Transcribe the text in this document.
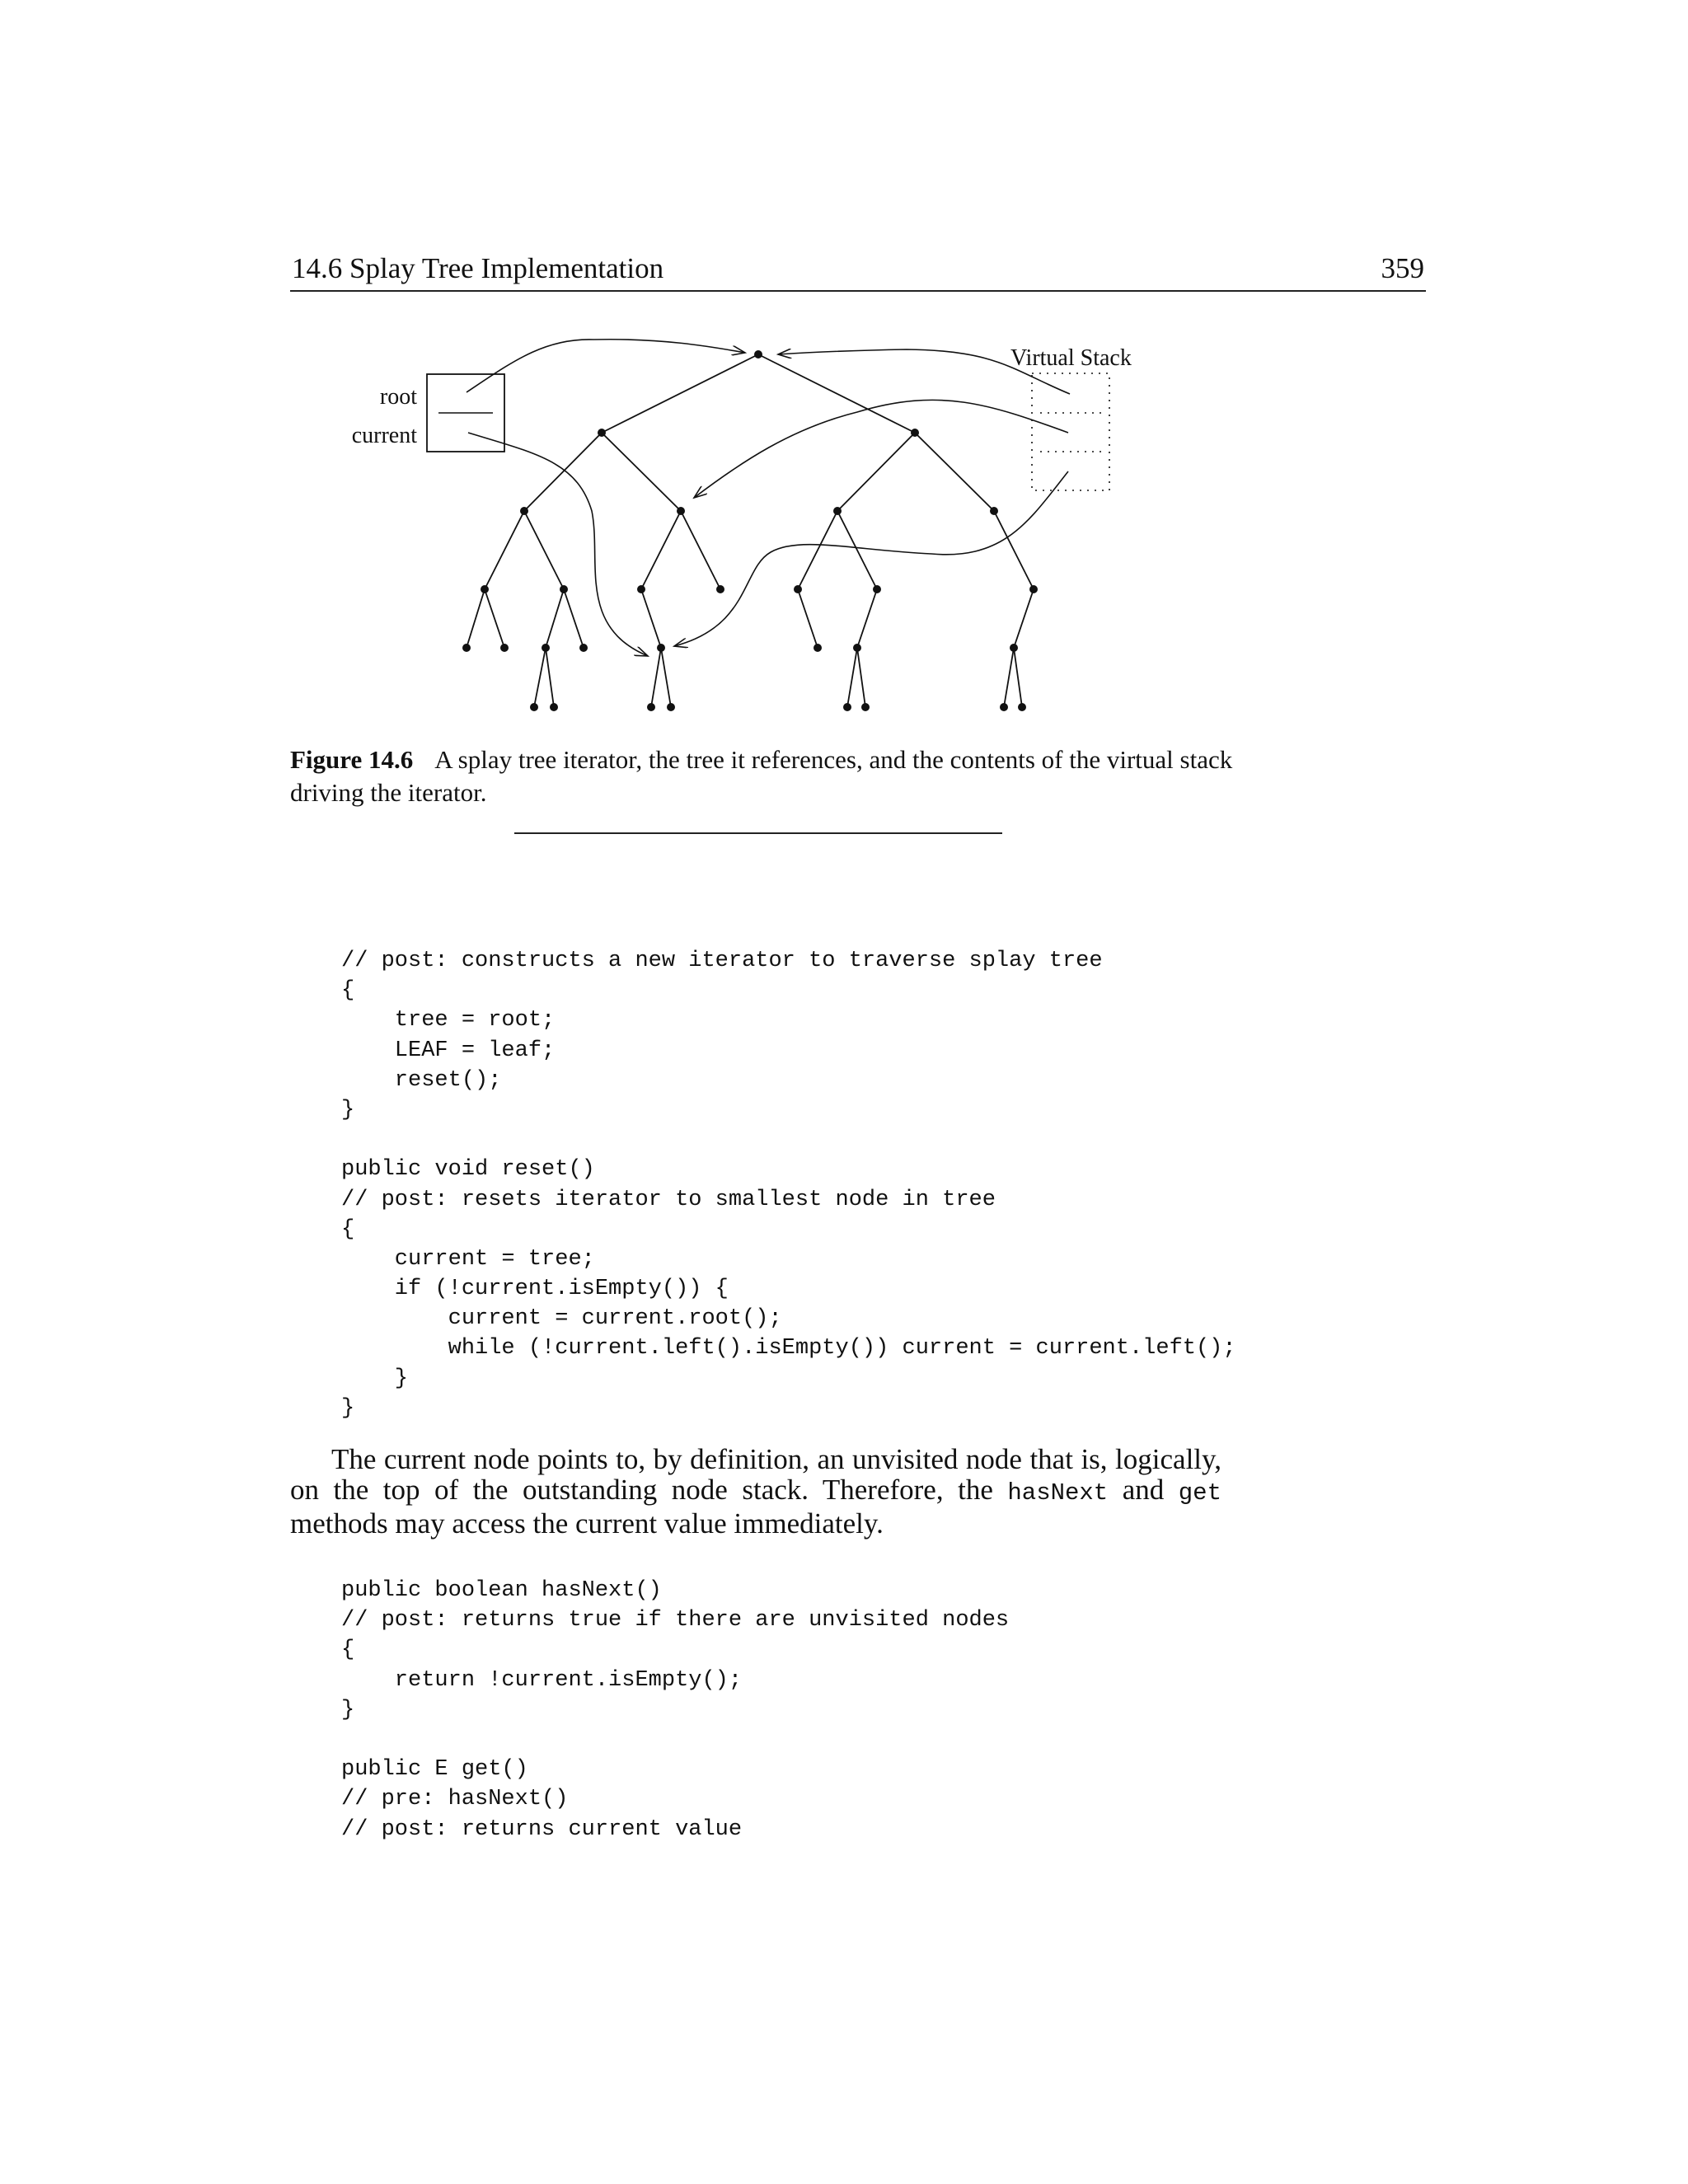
14.6 Splay Tree Implementation	359
root
current
Virtual Stack
Figure 14.6 A splay tree iterator, the tree it references, and the contents of the virtual stack driving the iterator.
// post: constructs a new iterator to traverse splay tree
{
tree = root;
LEAF = leaf;
reset();
}
public void reset()
// post: resets iterator to smallest node in tree
{
current = tree;
if (!current.isEmpty()) {
current = current.root();
while (!current.left().isEmpty()) current = current.left();
}
}
The current node points to, by definition, an unvisited node that is, logically, on the top of the outstanding node stack. Therefore, the hasNext and get methods may access the current value immediately.
public boolean hasNext()
// post: returns true if there are unvisited nodes
{
return !current.isEmpty();
}
public E get()
// pre: hasNext()
// post: returns current value
